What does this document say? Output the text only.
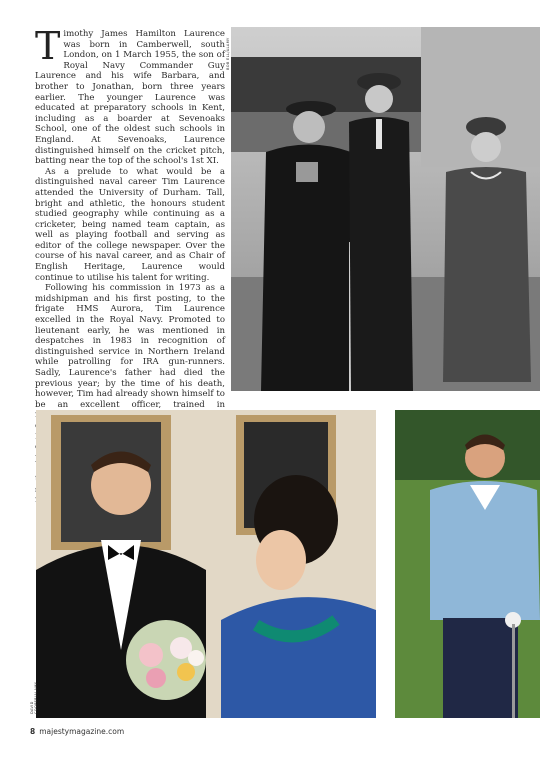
Timothy James Hamilton Laurence was born in Camberwell, south London, on 1 March 1955, the son of Royal Navy Commander Guy Laurence and his wife Barbara, and brother to Jonathan, born three years earlier. The younger Laurence was educated at preparatory schools in Kent, including as a boarder at Sevenoaks School, one of the oldest such schools in England. At Sevenoaks, Laurence distinguished himself on the cricket pitch, batting near the top of the school's 1st XI.

As a prelude to what would be a distinguished naval career Tim Laurence attended the University of Durham. Tall, bright and athletic, the honours student studied geography while continuing as a cricketer, being named team captain, as well as playing football and serving as editor of the college newspaper. Over the course of his naval career, and as Chair of English Heritage, Laurence would continue to utilise his talent for writing.

Following his commission in 1973 as a midshipman and his first posting, to the frigate HMS Aurora, Tim Laurence excelled in the Royal Navy. Promoted to lieutenant early, he was mentioned in despatches in 1983 in recognition of distinguished service in Northern Ireland while patrolling for IRA gun-runners. Sadly, Laurence's father had died the previous year; by the time of his death, however, Tim had already shown himself to be an excellent officer, trained in

BOB ELL/ALAMY
DAVID COOPER/ALAMY
8 majestymagazine.com
